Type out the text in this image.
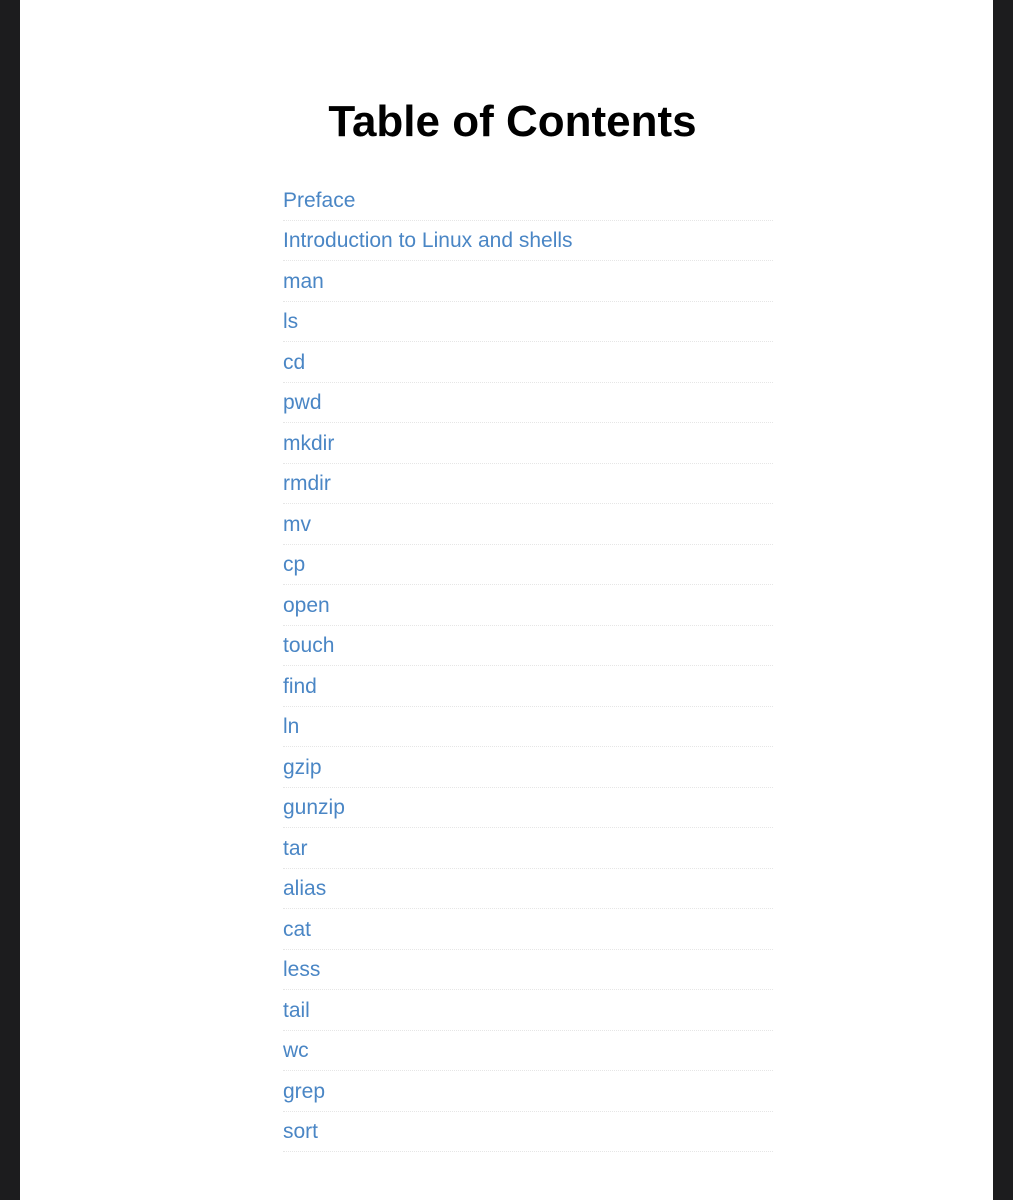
Table of Contents
Preface
Introduction to Linux and shells
man
ls
cd
pwd
mkdir
rmdir
mv
cp
open
touch
find
ln
gzip
gunzip
tar
alias
cat
less
tail
wc
grep
sort
